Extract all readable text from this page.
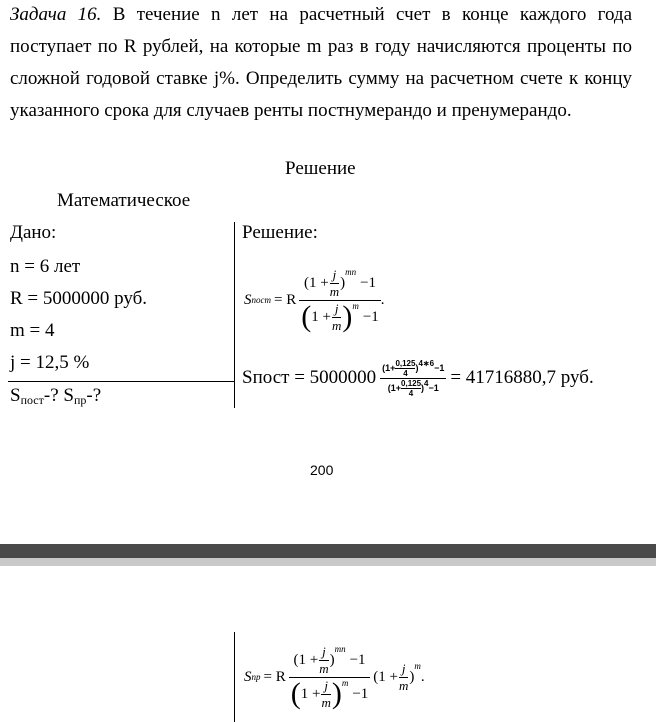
Задача 16. В течение n лет на расчетный счет в конце каждого года
поступает по R рублей, на которые m раз в году начисляются проценты по
сложной годовой ставке j%. Определить сумму на расчетном счете к концу
указанного срока для случаев ренты постнумерандо и пренумерандо.
Решение
Математическое
Дано:
n = 6 лет
R = 5000000 руб.
m = 4
j = 12,5 %
Sпост-? Sпр-?
Решение:
S пост = R ($1 + \frac{j}{m}$ )
mn
−1
( $1 + \frac{j}{m}$ ) m
−1 .
Sпост = $5000000 \frac{(1+ \frac{0,125}{4} ) 4∗6 -1}{(1+ \frac{0,125}{4} ) 4 -1} = 41716880,7$ руб.
200
S пр = R ($1 + \frac{j}{m}$ )
mn
−1
( $1 + \frac{j}{m}$ ) m
−1 ($1 + \frac{j}{m}$ )
m
.
